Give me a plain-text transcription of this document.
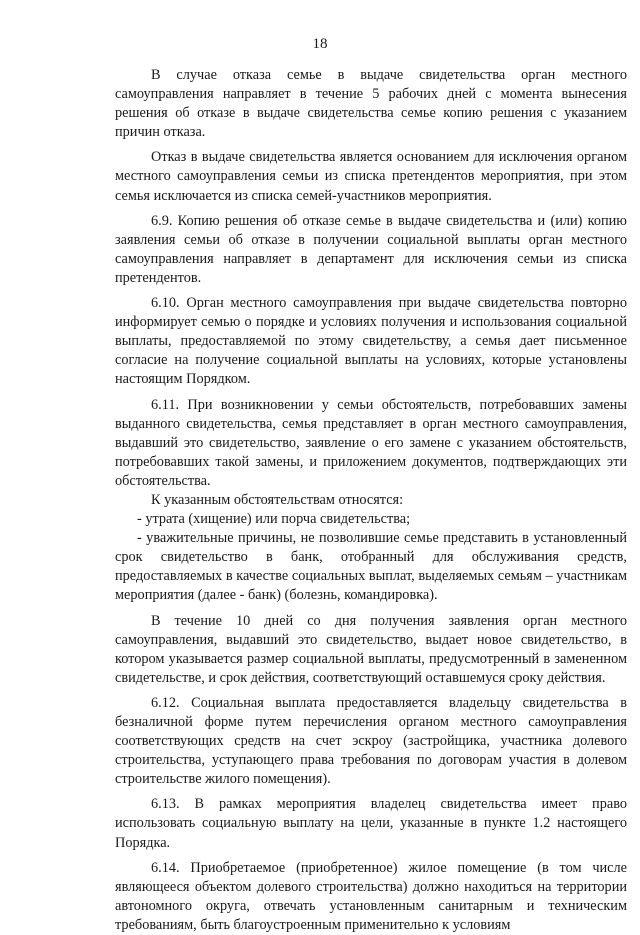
18

В случае отказа семье в выдаче свидетельства орган местного самоуправления направляет в течение 5 рабочих дней с момента вынесения решения об отказе в выдаче свидетельства семье копию решения с указанием причин отказа.

Отказ в выдаче свидетельства является основанием для исключения органом местного самоуправления семьи из списка претендентов мероприятия, при этом семья исключается из списка семей-участников мероприятия.

6.9. Копию решения об отказе семье в выдаче свидетельства и (или) копию заявления семьи об отказе в получении социальной выплаты орган местного самоуправления направляет в департамент для исключения семьи из списка претендентов.

6.10. Орган местного самоуправления при выдаче свидетельства повторно информирует семью о порядке и условиях получения и использования социальной выплаты, предоставляемой по этому свидетельству, а семья дает письменное согласие на получение социальной выплаты на условиях, которые установлены настоящим Порядком.

6.11. При возникновении у семьи обстоятельств, потребовавших замены выданного свидетельства, семья представляет в орган местного самоуправления, выдавший это свидетельство, заявление о его замене с указанием обстоятельств, потребовавших такой замены, и приложением документов, подтверждающих эти обстоятельства.

К указанным обстоятельствам относятся:

- утрата (хищение) или порча свидетельства;

- уважительные причины, не позволившие семье представить в установленный срок свидетельство в банк, отобранный для обслуживания средств, предоставляемых в качестве социальных выплат, выделяемых семьям – участникам мероприятия (далее - банк) (болезнь, командировка).

В течение 10 дней со дня получения заявления орган местного самоуправления, выдавший это свидетельство, выдает новое свидетельство, в котором указывается размер социальной выплаты, предусмотренный в замененном свидетельстве, и срок действия, соответствующий оставшемуся сроку действия.

6.12. Социальная выплата предоставляется владельцу свидетельства в безналичной форме путем перечисления органом местного самоуправления соответствующих средств на счет эскроу (застройщика, участника долевого строительства, уступающего права требования по договорам участия в долевом строительстве жилого помещения).

6.13. В рамках мероприятия владелец свидетельства имеет право использовать социальную выплату на цели, указанные в пункте 1.2 настоящего Порядка.

6.14. Приобретаемое (приобретенное) жилое помещение (в том числе являющееся объектом долевого строительства) должно находиться на территории автономного округа, отвечать установленным санитарным и техническим требованиям, быть благоустроенным применительно к условиям
